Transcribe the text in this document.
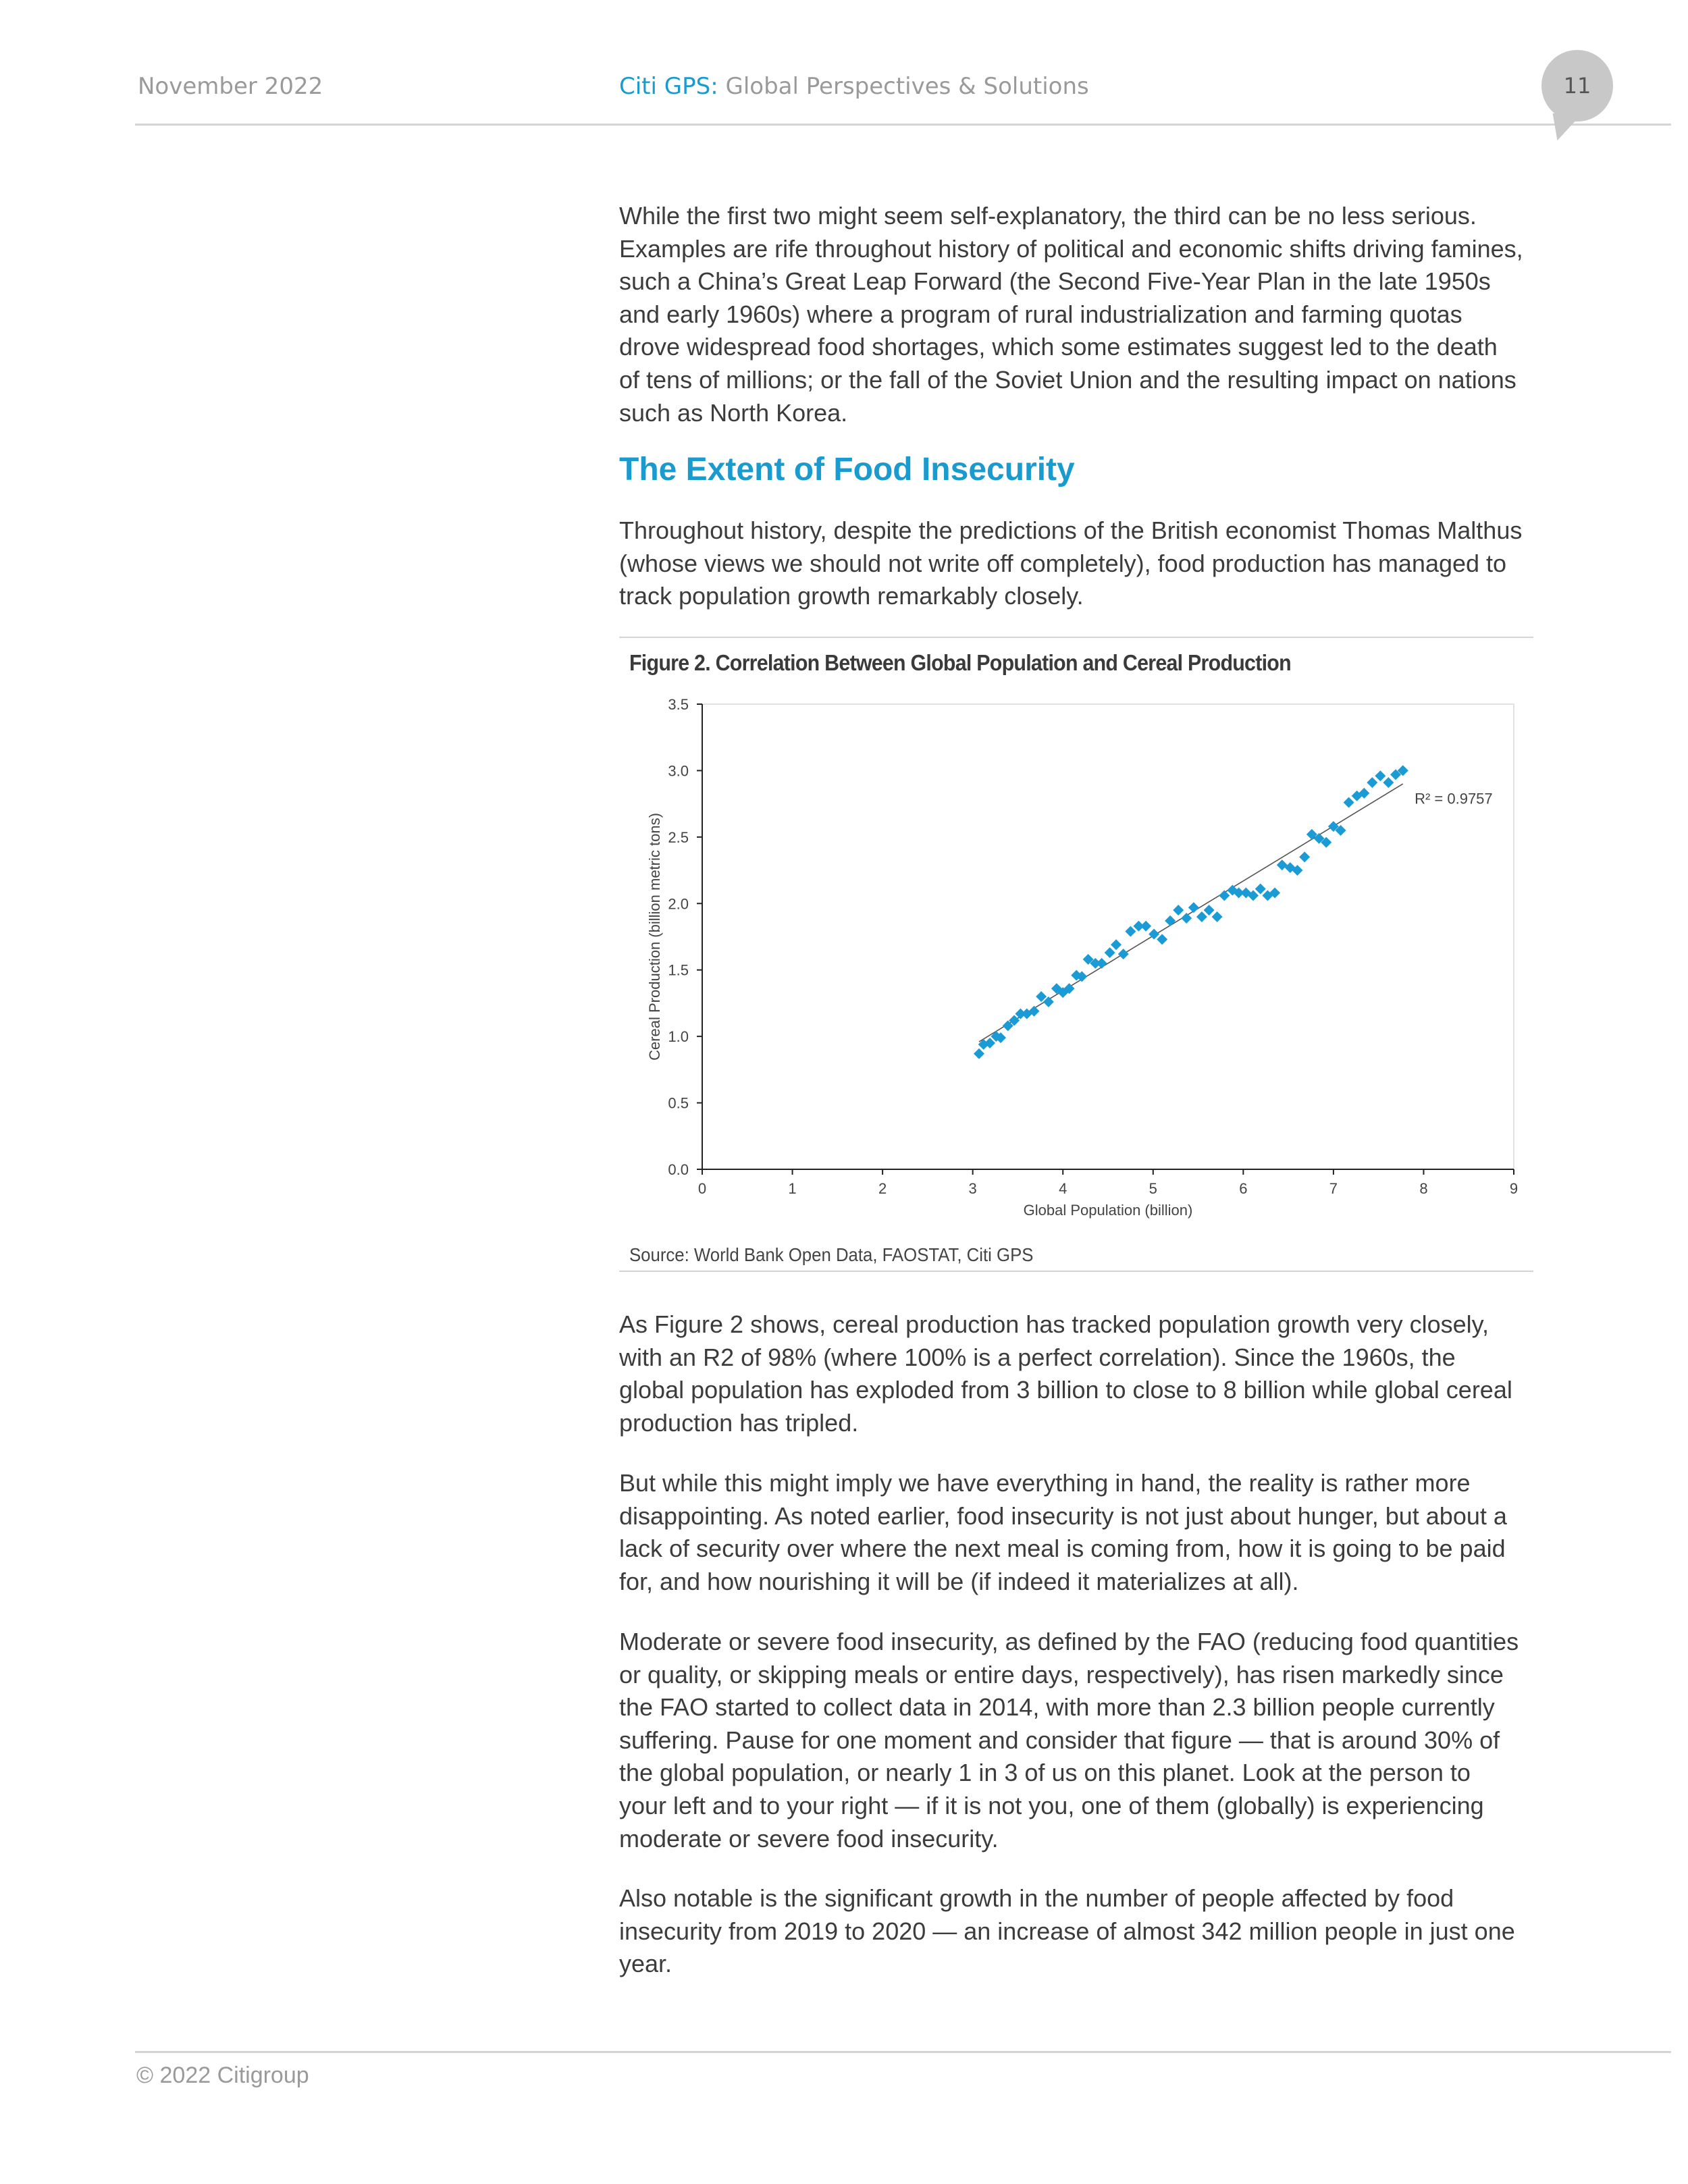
November 2022	Citi GPS: Global Perspectives & Solutions	11
While the first two might seem self-explanatory, the third can be no less serious.
Examples are rife throughout history of political and economic shifts driving famines,
such a China’s Great Leap Forward (the Second Five-Year Plan in the late 1950s
and early 1960s) where a program of rural industrialization and farming quotas
drove widespread food shortages, which some estimates suggest led to the death
of tens of millions; or the fall of the Soviet Union and the resulting impact on nations
such as North Korea.
The Extent of Food Insecurity
Throughout history, despite the predictions of the British economist Thomas Malthus
(whose views we should not write off completely), food production has managed to
track population growth remarkably closely.
Figure 2. Correlation Between Global Population and Cereal Production
0	1	2	3	4	5	6	7	8	9
0.0
0.5
1.0
1.5
2.0
2.5
3.0
3.5
Global Population (billion)
Cereal Production (billion metric tons)
R² = 0.9757
Source: World Bank Open Data, FAOSTAT, Citi GPS
As Figure 2 shows, cereal production has tracked population growth very closely,
with an R2 of 98% (where 100% is a perfect correlation). Since the 1960s, the
global population has exploded from 3 billion to close to 8 billion while global cereal
production has tripled.
But while this might imply we have everything in hand, the reality is rather more
disappointing. As noted earlier, food insecurity is not just about hunger, but about a
lack of security over where the next meal is coming from, how it is going to be paid
for, and how nourishing it will be (if indeed it materializes at all).
Moderate or severe food insecurity, as defined by the FAO (reducing food quantities
or quality, or skipping meals or entire days, respectively), has risen markedly since
the FAO started to collect data in 2014, with more than 2.3 billion people currently
suffering. Pause for one moment and consider that figure — that is around 30% of
the global population, or nearly 1 in 3 of us on this planet. Look at the person to
your left and to your right — if it is not you, one of them (globally) is experiencing
moderate or severe food insecurity.
Also notable is the significant growth in the number of people affected by food
insecurity from 2019 to 2020 — an increase of almost 342 million people in just one
year.
© 2022 Citigroup
